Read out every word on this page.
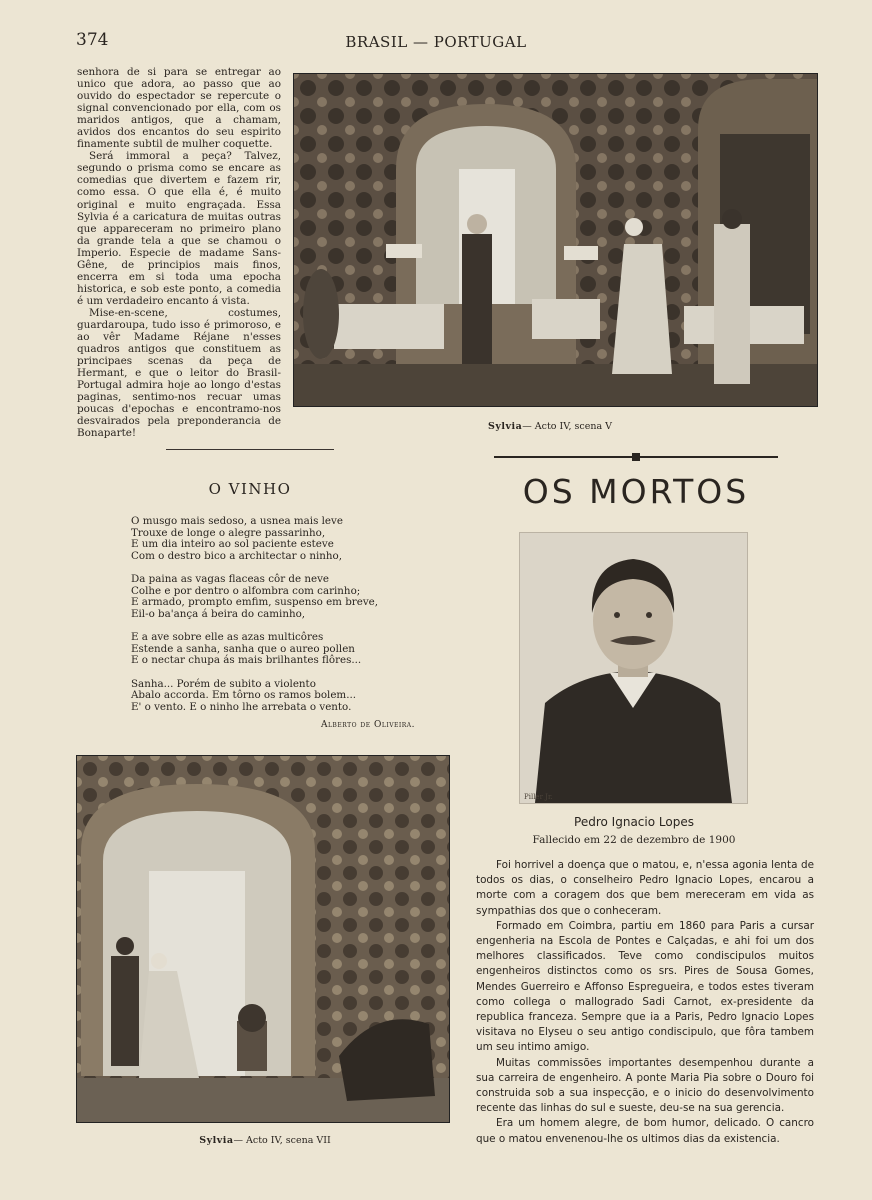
374	BRASIL — PORTUGAL

senhora de si para se entregar ao unico que adora, ao passo que ao ouvido do espectador se repercute o signal convencionado por ella, com os maridos antigos, que a chamam, avidos dos encantos do seu espirito finamente subtil de mulher coquette.

Será immoral a peça? Talvez, segundo o prisma como se encare as comedias que divertem e fazem rir, como essa. O que ella é, é muito original e muito engraçada. Essa Sylvia é a caricatura de muitas outras que appareceram no primeiro plano da grande tela a que se chamou o Imperio. Especie de madame Sans-Gêne, de principios mais finos, encerra em si toda uma epocha historica, e sob este ponto, a comedia é um verdadeiro encanto á vista.

Mise-en-scene, costumes, guardaroupa, tudo isso é primoroso, e ao vêr Madame Réjane n'esses quadros antigos que constituem as principaes scenas da peça de Hermant, e que o leitor do Brasil-Portugal admira hoje ao longo d'estas paginas, sentimo-nos recuar umas poucas d'epochas e encontramo-nos desvairados pela preponderancia de Bonaparte!

Sylvia— Acto IV, scena V
O VINHO
O musgo mais sedoso, a usnea mais leve
Trouxe de longe o alegre passarinho,
E um dia inteiro ao sol paciente esteve
Com o destro bico a architectar o ninho,
Da paina as vagas flaceas côr de neve
Colhe e por dentro o alfombra com carinho;
E armado, prompto emfim, suspenso em breve,
Eil-o ba'ança á beira do caminho,
E a ave sobre elle as azas multicôres
Estende a sanha, sanha que o aureo pollen
E o nectar chupa ás mais brilhantes flôres...
Sanha... Porém de subito a violento
Abalo accorda. Em tôrno os ramos bolem...
E' o vento. E o ninho lhe arrebata o vento.
Alberto de Oliveira.
Sylvia— Acto IV, scena VII
OS MORTOS
Piller Jr.
Pedro Ignacio Lopes
Fallecido em 22 de dezembro de 1900

Foi horrivel a doença que o matou, e, n'essa agonia lenta de todos os dias, o conselheiro Pedro Ignacio Lopes, encarou a morte com a coragem dos que bem mereceram em vida as sympathias dos que o conheceram.

Formado em Coimbra, partiu em 1860 para Paris a cursar engenheria na Escola de Pontes e Calçadas, e ahi foi um dos melhores classificados. Teve como condiscipulos muitos engenheiros distinctos como os srs. Pires de Sousa Gomes, Mendes Guerreiro e Affonso Espregueira, e todos estes tiveram como collega o mallogrado Sadi Carnot, ex-presidente da republica franceza. Sempre que ia a Paris, Pedro Ignacio Lopes visitava no Elyseu o seu antigo condiscipulo, que fôra tambem um seu intimo amigo.

Muitas commissões importantes desempenhou durante a sua carreira de engenheiro. A ponte Maria Pia sobre o Douro foi construida sob a sua inspecção, e o inicio do desenvolvimento recente das linhas do sul e sueste, deu-se na sua gerencia.

Era um homem alegre, de bom humor, delicado. O cancro que o matou envenenou-lhe os ultimos dias da existencia.
